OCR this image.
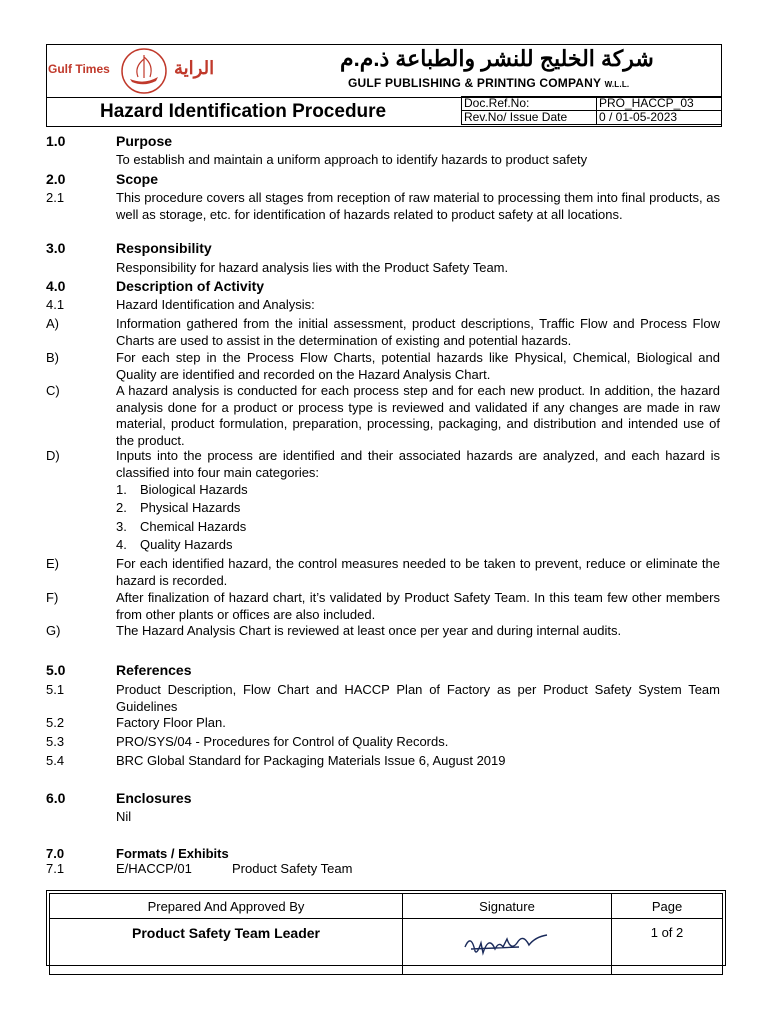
Gulf Times	الراية	شركة الخليج للنشر والطباعة ذ.م.م
GULF PUBLISHING & PRINTING COMPANY W.L.L.
Hazard Identification Procedure	Doc.Ref.No:	PRO_HACCP_03
Rev.No/ Issue Date	0 / 01-05-2023
1.0	Purpose
To establish and maintain a uniform approach to identify hazards to product safety
2.0	Scope
2.1	This procedure covers all stages from reception of raw material to processing them into final products, as well as storage, etc. for identification of hazards related to product safety at all locations.
3.0	Responsibility
Responsibility for hazard analysis lies with the Product Safety Team.
4.0	Description of Activity
4.1	Hazard Identification and Analysis:
A)	Information gathered from the initial assessment, product descriptions, Traffic Flow and Process Flow Charts are used to assist in the determination of existing and potential hazards.
B)	For each step in the Process Flow Charts, potential hazards like Physical, Chemical, Biological and Quality are identified and recorded on the Hazard Analysis Chart.
C)	A hazard analysis is conducted for each process step and for each new product. In addition, the hazard analysis done for a product or process type is reviewed and validated if any changes are made in raw material, product formulation, preparation, processing, packaging, and distribution and intended use of the product.
D)	Inputs into the process are identified and their associated hazards are analyzed, and each hazard is classified into four main categories:
1. Biological Hazards
2. Physical Hazards
3. Chemical Hazards
4. Quality Hazards
E)	For each identified hazard, the control measures needed to be taken to prevent, reduce or eliminate the hazard is recorded.
F)	After finalization of hazard chart, it’s validated by Product Safety Team. In this team few other members from other plants or offices are also included.
G)	The Hazard Analysis Chart is reviewed at least once per year and during internal audits.
5.0	References
5.1	Product Description, Flow Chart and HACCP Plan of Factory as per Product Safety System Team Guidelines
5.2	Factory Floor Plan.
5.3	PRO/SYS/04 - Procedures for Control of Quality Records.
5.4	BRC Global Standard for Packaging Materials Issue 6, August 2019
6.0	Enclosures
Nil
7.0	Formats / Exhibits
7.1	E/HACCP/01	Product Safety Team
Prepared And Approved By	Signature	Page
Product Safety Team Leader		1 of 2
